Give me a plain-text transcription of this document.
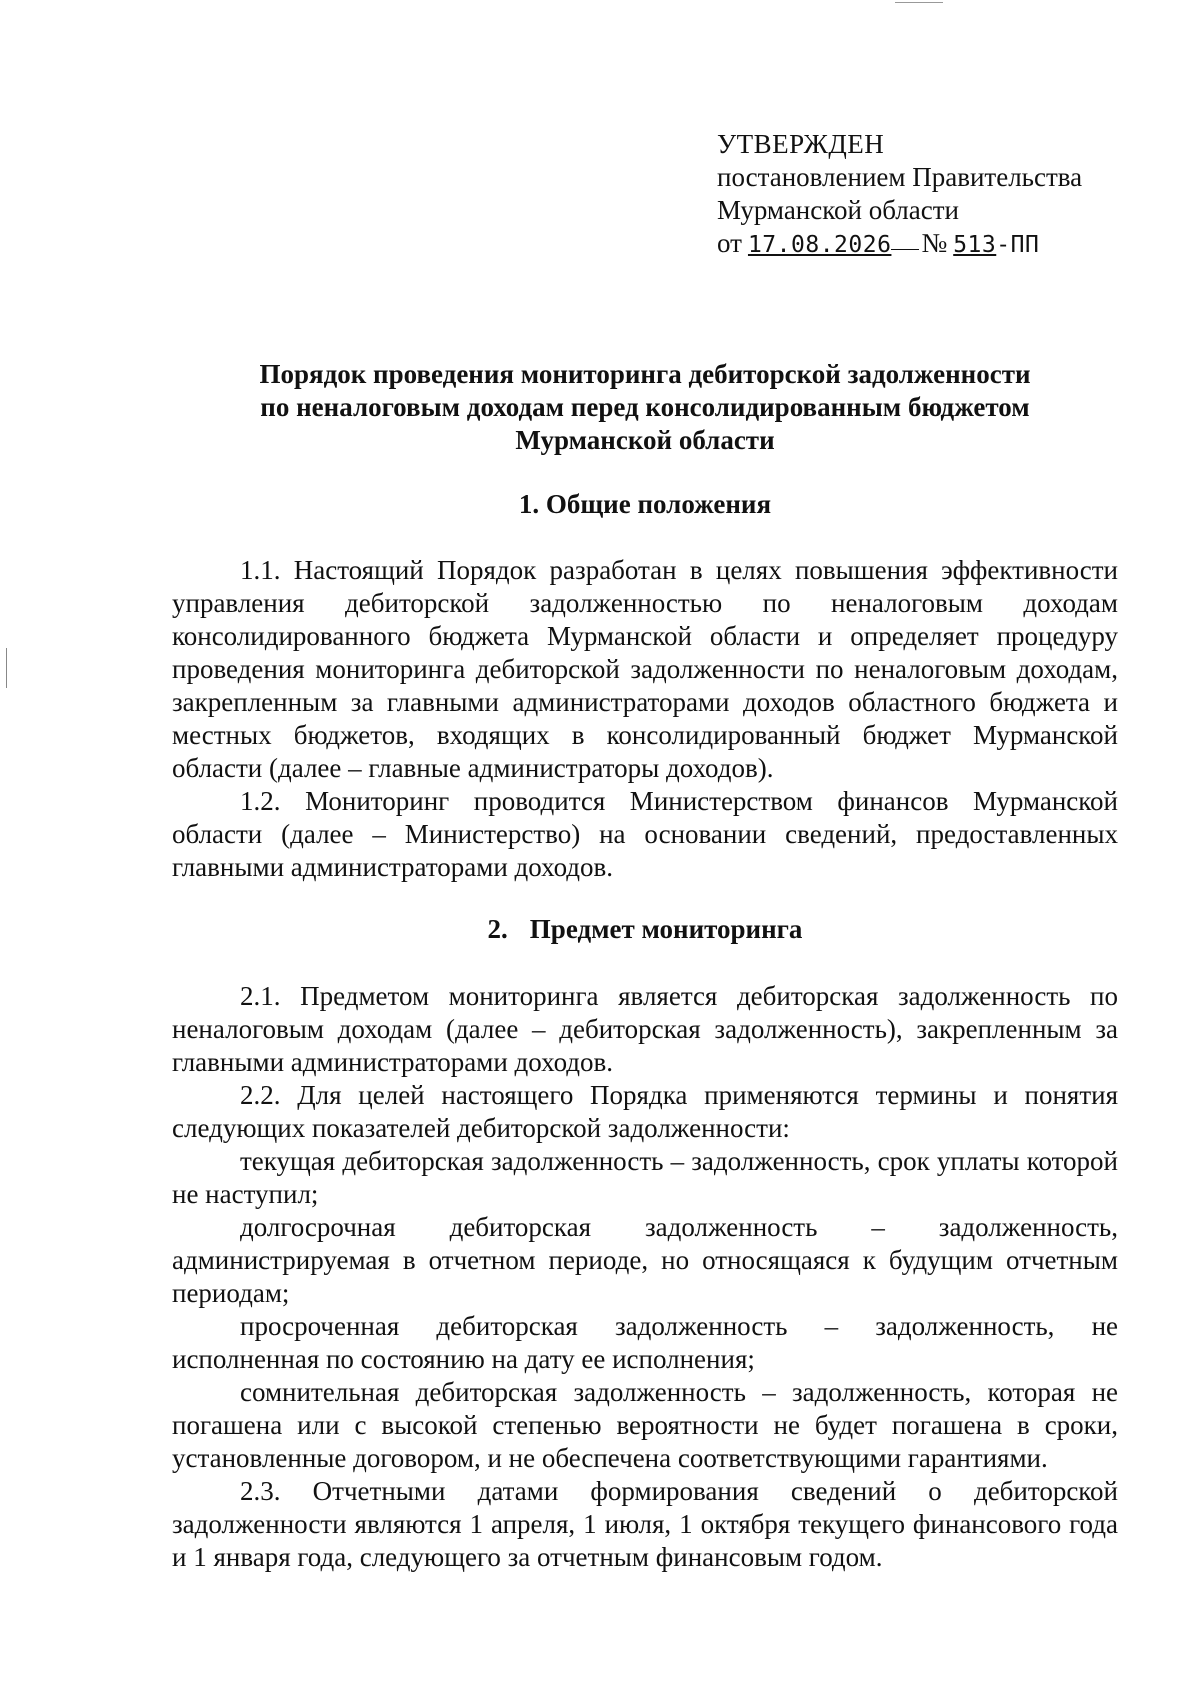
УТВЕРЖДЕН
постановлением Правительства
Мурманской области
от 17.08.2026 № 513-ПП
Порядок проведения мониторинга дебиторской задолженности
по неналоговым доходам перед консолидированным бюджетом
Мурманской области
1. Общие положения

1.1. Настоящий Порядок разработан в целях повышения эффективности управления дебиторской задолженностью по неналоговым доходам консолидированного бюджета Мурманской области и определяет процедуру проведения мониторинга дебиторской задолженности по неналоговым доходам, закрепленным за главными администраторами доходов областного бюджета и местных бюджетов, входящих в консолидированный бюджет Мурманской области (далее – главные администраторы доходов).

1.2. Мониторинг проводится Министерством финансов Мурманской области (далее – Министерство) на основании сведений, предоставленных главными администраторами доходов.

2. Предмет мониторинга

2.1. Предметом мониторинга является дебиторская задолженность по неналоговым доходам (далее – дебиторская задолженность), закрепленным за главными администраторами доходов.

2.2. Для целей настоящего Порядка применяются термины и понятия следующих показателей дебиторской задолженности:

текущая дебиторская задолженность – задолженность, срок уплаты которой не наступил;

долгосрочная дебиторская задолженность – задолженность, администрируемая в отчетном периоде, но относящаяся к будущим отчетным периодам;

просроченная дебиторская задолженность – задолженность, не исполненная по состоянию на дату ее исполнения;

сомнительная дебиторская задолженность – задолженность, которая не погашена или с высокой степенью вероятности не будет погашена в сроки, установленные договором, и не обеспечена соответствующими гарантиями.

2.3. Отчетными датами формирования сведений о дебиторской задолженности являются 1 апреля, 1 июля, 1 октября текущего финансового года и 1 января года, следующего за отчетным финансовым годом.
